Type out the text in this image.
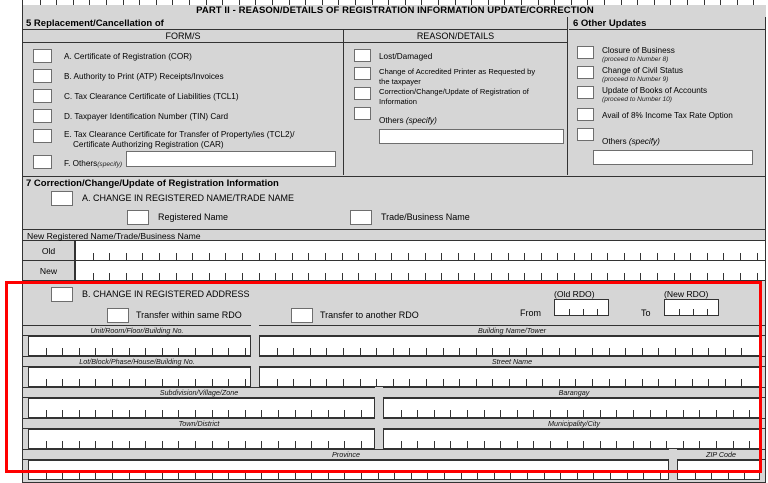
PART II - REASON/DETAILS OF REGISTRATION INFORMATION UPDATE/CORRECTION
5 Replacement/Cancellation of	6 Other Updates
FORM/S	REASON/DETAILS
A. Certificate of Registration (COR)
B. Authority to Print (ATP) Receipts/Invoices
C. Tax Clearance Certificate of Liabilities (TCL1)
D. Taxpayer Identification Number (TIN) Card
E. Tax Clearance Certificate for Transfer of Property/ies (TCL2)/
Certificate Authorizing Registration (CAR)
F. Others(specify)
Lost/Damaged
Change of Accredited Printer as Requested by
the taxpayer
Correction/Change/Update of Registration of
Information
Others (specify)
Closure of Business
(proceed to Number 8)
Change of Civil Status
(proceed to Number 9)
Update of Books of Accounts
(proceed to Number 10)
Avail of 8% Income Tax Rate Option
Others (specify)
7 Correction/Change/Update of Registration Information
A. CHANGE IN REGISTERED NAME/TRADE NAME
Registered Name	Trade/Business Name
New Registered Name/Trade/Business Name
Old
New
B. CHANGE IN REGISTERED ADDRESS
Transfer within same RDO	Transfer to another RDO
(Old RDO)
From
(New RDO)
To
Unit/Room/Floor/Building No.	Building Name/Tower
Lot/Block/Phase/House/Building No.	Street Name
Subdivision/Village/Zone	Barangay
Town/District	Municipality/City
Province	ZIP Code
